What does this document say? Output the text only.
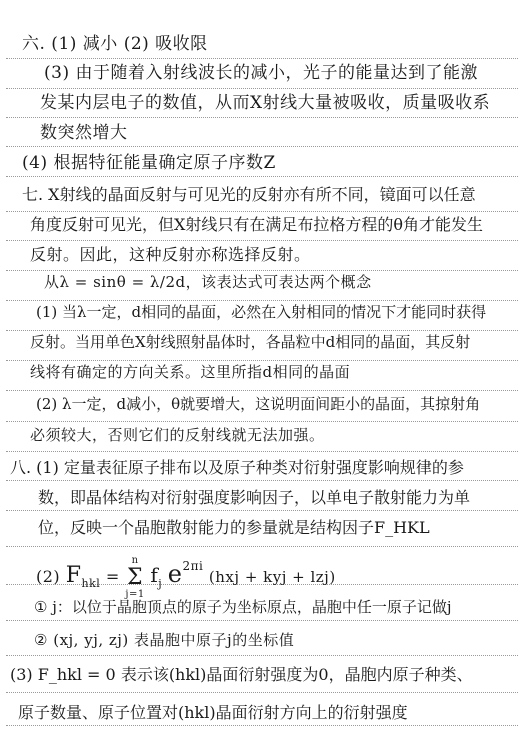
六. (1) 减小 (2) 吸收限
(3) 由于随着入射线波长的减小，光子的能量达到了能激
发某内层电子的数值，从而X射线大量被吸收，质量吸收系
数突然增大
(4) 根据特征能量确定原子序数Z
七. X射线的晶面反射与可见光的反射亦有所不同，镜面可以任意
角度反射可见光，但X射线只有在满足布拉格方程的θ角才能发生
反射。因此，这种反射亦称选择反射。
从λ = sinθ = λ/2d，该表达式可表达两个概念
(1) 当λ一定，d相同的晶面，必然在入射相同的情况下才能同时获得
反射。当用单色X射线照射晶体时，各晶粒中d相同的晶面，其反射
线将有确定的方向关系。这里所指d相同的晶面
(2) λ一定，d减小，θ就要增大，这说明面间距小的晶面，其掠射角
必须较大，否则它们的反射线就无法加强。
八. (1) 定量表征原子排布以及原子种类对衍射强度影响规律的参
数，即晶体结构对衍射强度影响因子，以单电子散射能力为单
位，反映一个晶胞散射能力的参量就是结构因子F_HKL
(2) $F_{hkl}$ =
n
Σ
j=1
$f_j$ $e^{2\pi i}$ (hxj + kyj + lzj)
① j：以位于晶胞顶点的原子为坐标原点，晶胞中任一原子记做j
② (xj, yj, zj) 表晶胞中原子j的坐标值
(3) F_hkl = 0 表示该(hkl)晶面衍射强度为0，晶胞内原子种类、
原子数量、原子位置对(hkl)晶面衍射方向上的衍射强度
